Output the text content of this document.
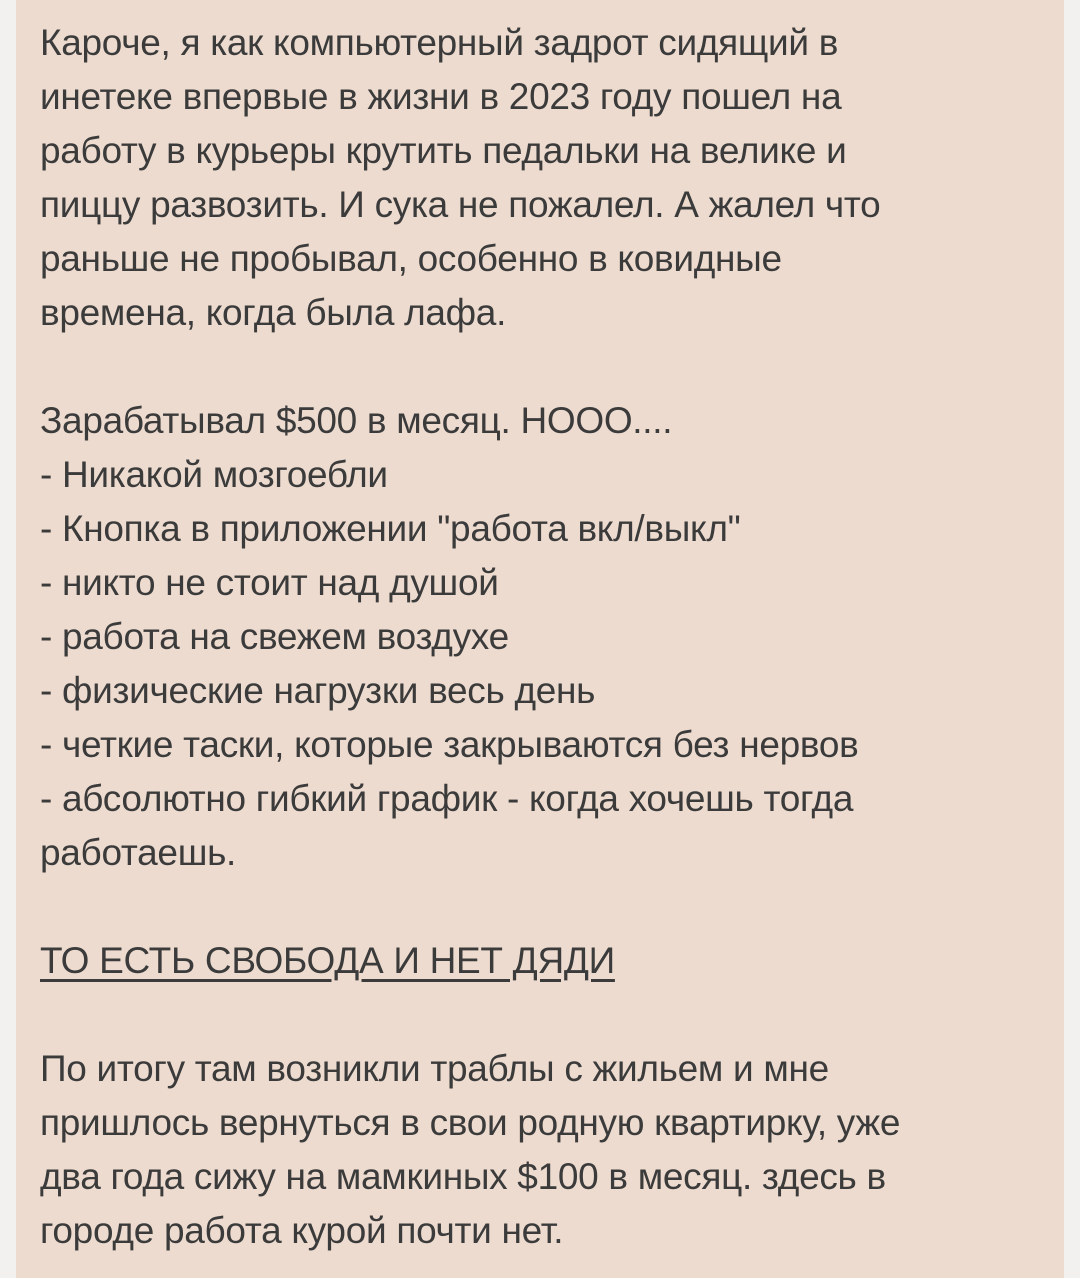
Кароче, я как компьютерный задрот сидящий в
инетеке впервые в жизни в 2023 году пошел на
работу в курьеры крутить педальки на велике и
пиццу развозить. И сука не пожалел. А жалел что
раньше не пробывал, особенно в ковидные
времена, когда была лафа.
Зарабатывал $500 в месяц. НООО....
- Никакой мозгоебли
- Кнопка в приложении "работа вкл/выкл"
- никто не стоит над душой
- работа на свежем воздухе
- физические нагрузки весь день
- четкие таски, которые закрываются без нервов
- абсолютно гибкий график - когда хочешь тогда
работаешь.
ТО ЕСТЬ СВОБОДА И НЕТ ДЯДИ
По итогу там возникли траблы с жильем и мне
пришлось вернуться в свои родную квартирку, уже
два года сижу на мамкиных $100 в месяц. здесь в
городе работа курой почти нет.
